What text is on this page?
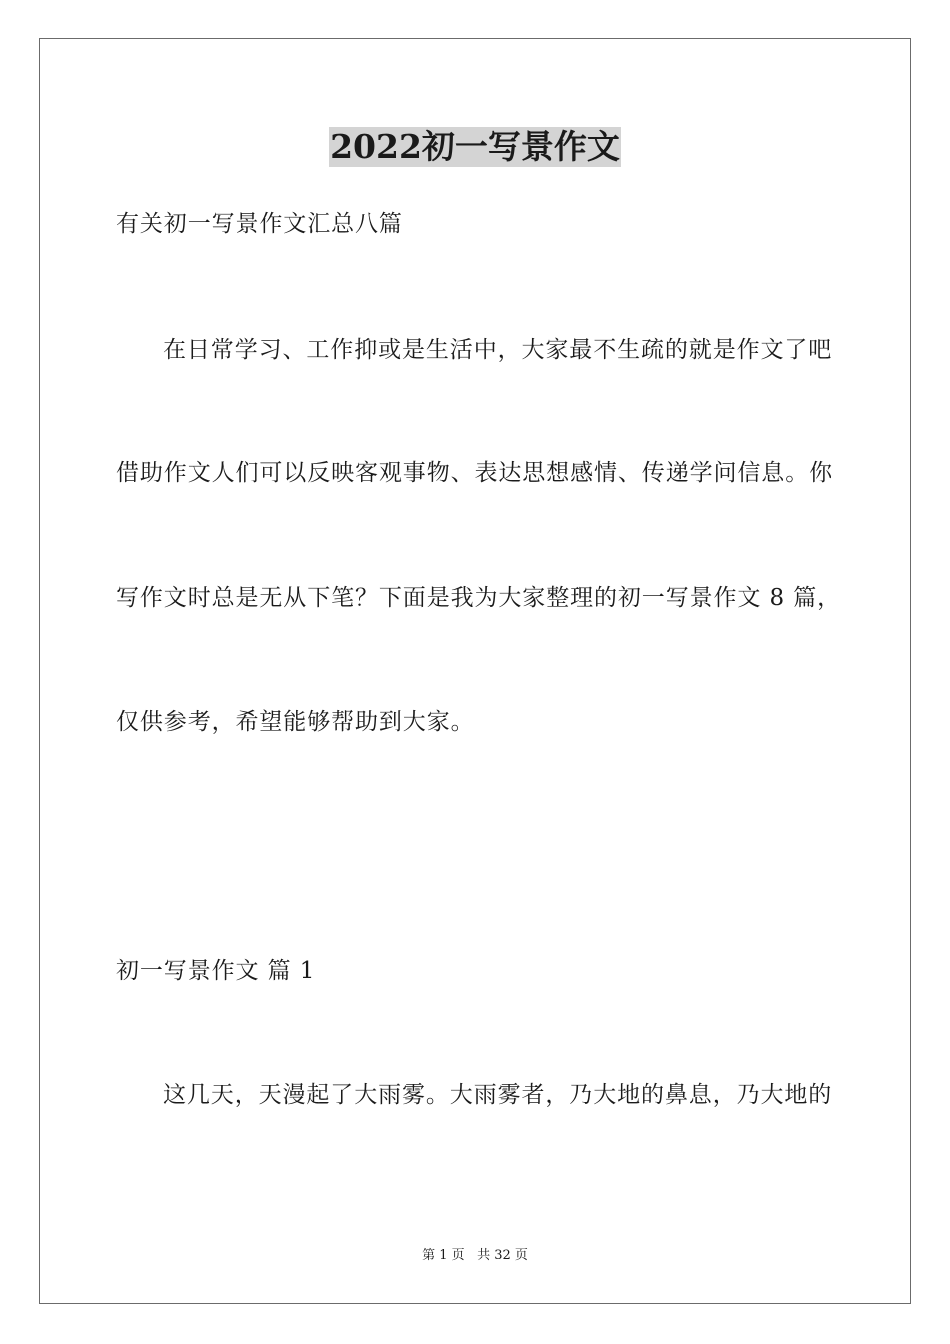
2022初一写景作文

有关初一写景作文汇总八篇

在日常学习、工作抑或是生活中，大家最不生疏的就是作文了吧

借助作文人们可以反映客观事物、表达思想感情、传递学问信息。你

写作文时总是无从下笔？下面是我为大家整理的初一写景作文 8 篇，

仅供参考，希望能够帮助到大家。

初一写景作文 篇 1

这几天，天漫起了大雨雾。大雨雾者，乃大地的鼻息，乃大地的

第 1 页 共 32 页
